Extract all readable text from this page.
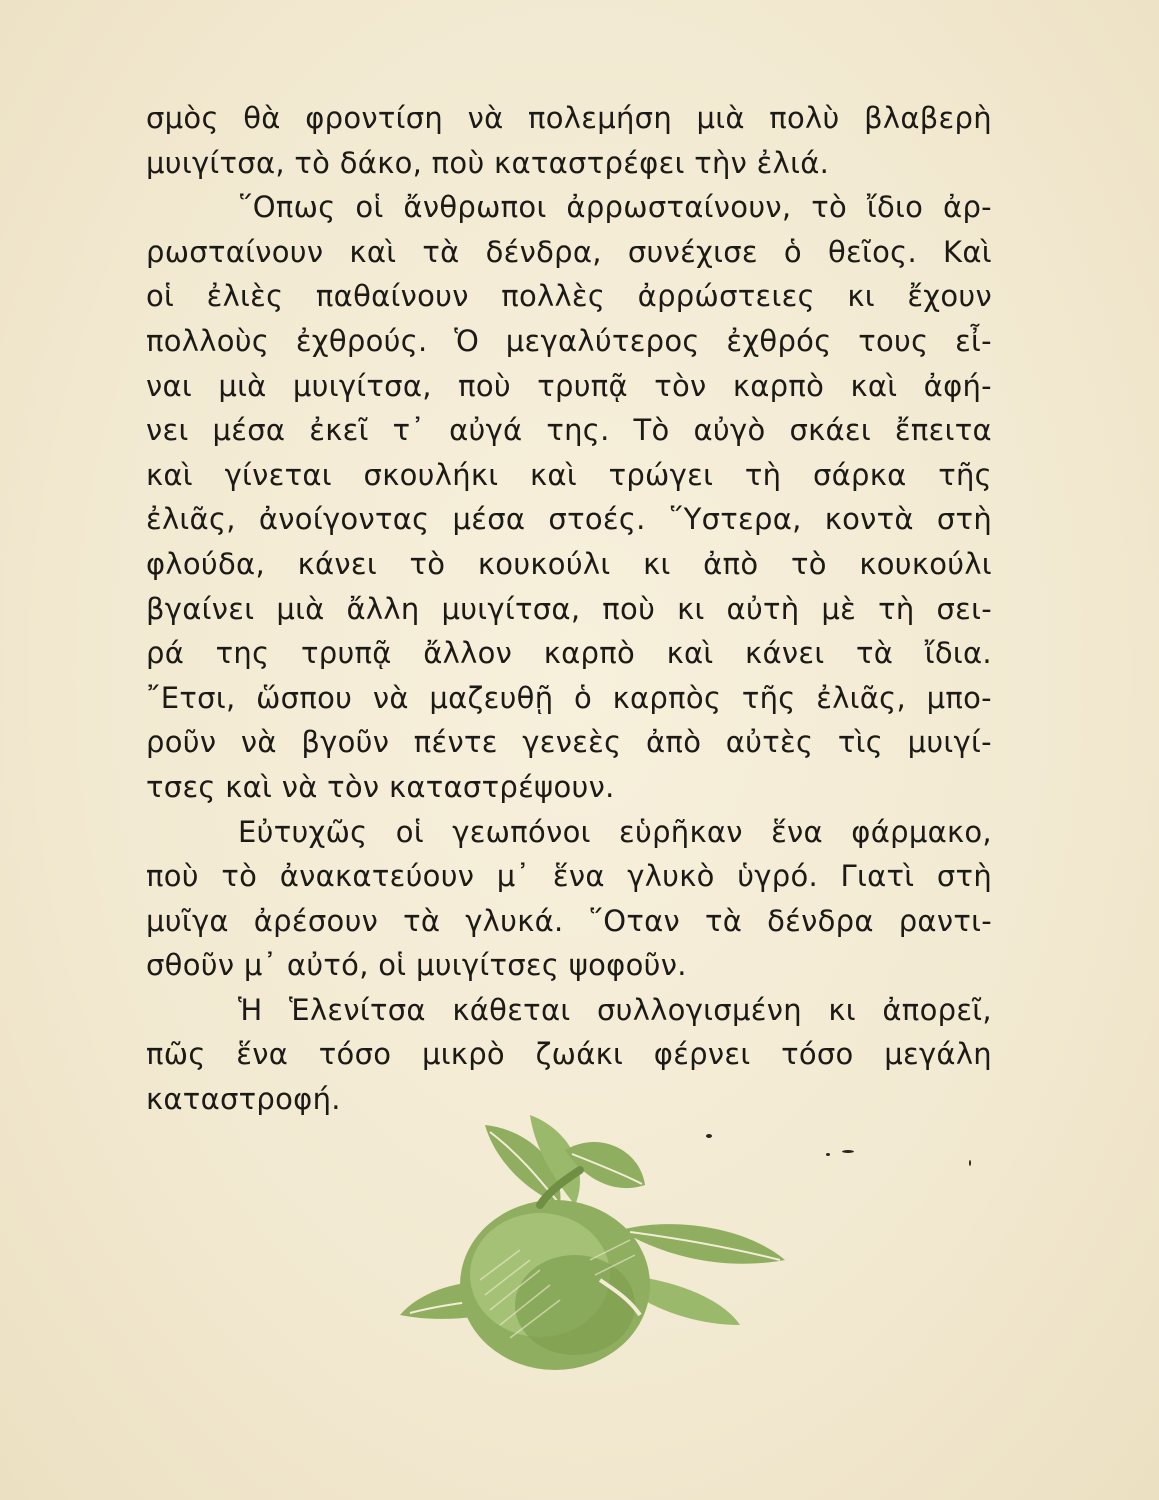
σμὸς θὰ φροντίση νὰ πολεμήση μιὰ πολὺ βλαβερὴ
μυιγίτσα, τὸ δάκο, ποὺ καταστρέφει τὴν ἐλιά.
῞Οπως οἱ ἄνθρωποι ἀρρωσταίνουν, τὸ ἴδιο ἀρ-
ρωσταίνουν καὶ τὰ δένδρα, συνέχισε ὁ θεῖος. Καὶ
οἱ ἐλιὲς παθαίνουν πολλὲς ἀρρώστειες κι ἔχουν
πολλοὺς ἐχθρούς. Ὁ μεγαλύτερος ἐχθρός τους εἶ-
ναι μιὰ μυιγίτσα, ποὺ τρυπᾷ τὸν καρπὸ καὶ ἀφή-
νει μέσα ἐκεῖ τ᾿ αὐγά της. Τὸ αὐγὸ σκάει ἔπειτα
καὶ γίνεται σκουλήκι καὶ τρώγει τὴ σάρκα τῆς
ἐλιᾶς, ἀνοίγοντας μέσα στοές. ῞Υστερα, κοντὰ στὴ
φλούδα, κάνει τὸ κουκούλι κι ἀπὸ τὸ κουκούλι
βγαίνει μιὰ ἄλλη μυιγίτσα, ποὺ κι αὐτὴ μὲ τὴ σει-
ρά της τρυπᾷ ἄλλον καρπὸ καὶ κάνει τὰ ἴδια.
῎Ετσι, ὥσπου νὰ μαζευθῇ ὁ καρπὸς τῆς ἐλιᾶς, μπο-
ροῦν νὰ βγοῦν πέντε γενεὲς ἀπὸ αὐτὲς τὶς μυιγί-
τσες καὶ νὰ τὸν καταστρέψουν.
Εὐτυχῶς οἱ γεωπόνοι εὑρῆκαν ἕνα φάρμακο,
ποὺ τὸ ἀνακατεύουν μ᾿ ἕνα γλυκὸ ὑγρό. Γιατὶ στὴ
μυῖγα ἀρέσουν τὰ γλυκά. ῞Οταν τὰ δένδρα ραντι-
σθοῦν μ᾿ αὐτό, οἱ μυιγίτσες ψοφοῦν.
Ἡ Ἑλενίτσα κάθεται συλλογισμένη κι ἀπορεῖ,
πῶς ἕνα τόσο μικρὸ ζωάκι φέρνει τόσο μεγάλη
καταστροφή.
